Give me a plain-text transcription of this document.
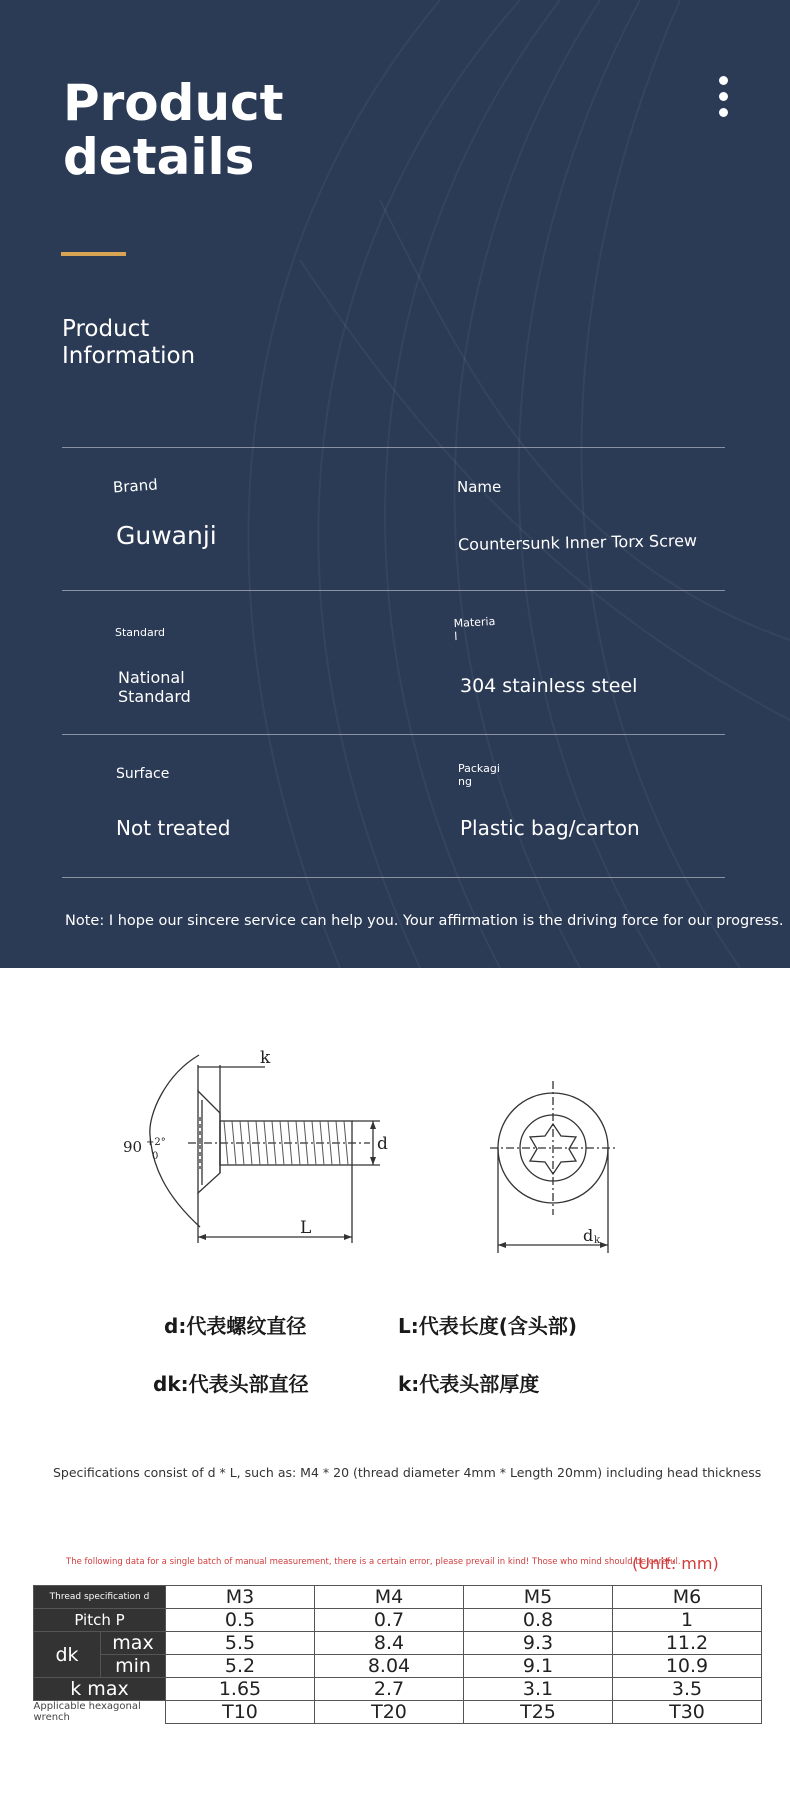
Product
details
Product
Information
Brand
Guwanji
Name
Countersunk Inner Torx Screw
Standard
National
Standard
Materia
l
304 stainless steel
Surface
Not treated
Packagi
ng
Plastic bag/carton
Note: I hope our sincere service can help you. Your affirmation is the driving force for our progress.
90 +2°
0
k
d
L	d k
d:代表螺纹直径	L:代表长度(含头部)
dk:代表头部直径	k:代表头部厚度
Specifications consist of d * L, such as: M4 * 20 (thread diameter 4mm * Length 20mm) including head thickness
The following data for a single batch of manual measurement, there is a certain error, please prevail in kind! Those who mind should be careful.
(Unit: mm)
Thread specification d		M3	M4	M5	M6
Pitch P		0.5	0.7	0.8	1
dk	max	5.5	8.4	9.3	11.2
	min	5.2	8.04	9.1	10.9
k max		1.65	2.7	3.1	3.5
Applicable hexagonal wrench		T10	T20	T25	T30
